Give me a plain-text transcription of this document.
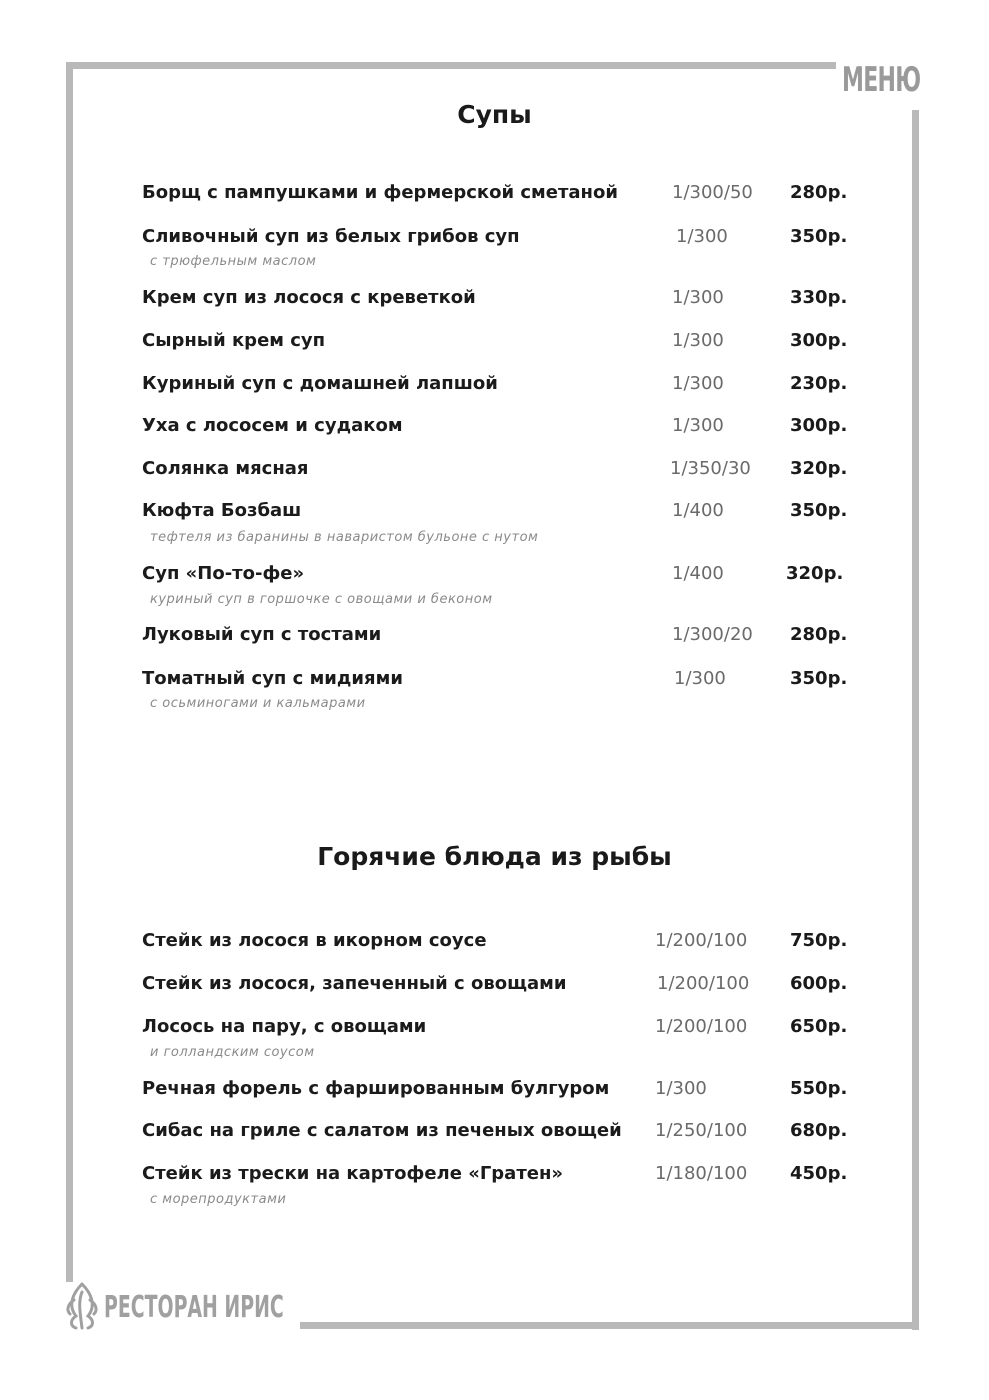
МЕНЮ
Супы
Борщ с пампушками и фермерской сметаной	1/300/50 280р.
Сливочный суп из белых грибов суп	1/300	350р.
с трюфельным маслом
Крем суп из лосося с креветкой	1/300	330р.
Сырный крем суп	1/300	300р.
Куриный суп с домашней лапшой	1/300	230р.
Уха с лососем и судаком	1/300	300р.
Солянка мясная	1/350/30 320р.
Кюфта Бозбаш	1/400	350р.
тефтеля из баранины в наваристом бульоне с нутом
Суп «По-то-фе»	1/400	320р.
куриный суп в горшочке с овощами и беконом
Луковый суп с тостами	1/300/20 280р.
Томатный суп с мидиями	1/300	350р.
с осьминогами и кальмарами
Горячие блюда из рыбы
Стейк из лосося в икорном соусе	1/200/100 750р.
Стейк из лосося, запеченный с овощами	1/200/100 600р.
Лосось на пару, с овощами	1/200/100 650р.
и голландским соусом
Речная форель с фаршированным булгуром	1/300	550р.
Сибас на гриле с салатом из печеных овощей 1/250/100 680р.
Стейк из трески на картофеле «Гратен»	1/180/100 450р.
с морепродуктами
РЕСТОРАН ИРИС
